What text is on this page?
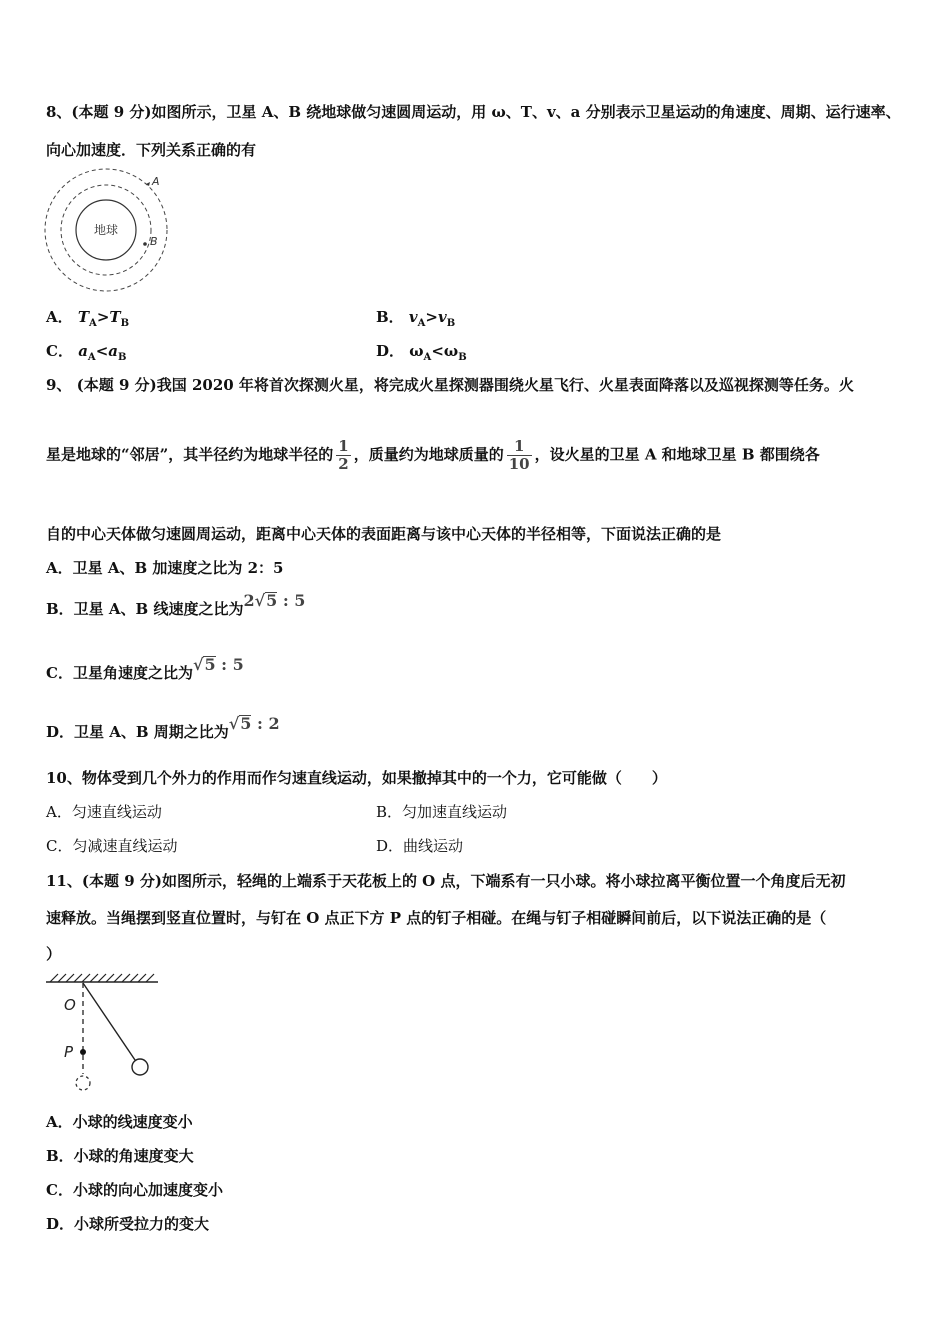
8、(本题 9 分)如图所示，卫星 A、B 绕地球做匀速圆周运动，用 ω、T、v、a 分别表示卫星运动的角速度、周期、运行速率、
向心加速度．下列关系正确的有
地球
A
B
A． $T_A>T_B$	B． $v_A>v_B$
C． $a_A<a_B$	D． $\omega_A<\omega_B$
9、 (本题 9 分)我国 2020 年将首次探测火星，将完成火星探测器围绕火星飞行、火星表面降落以及巡视探测等任务。火
星是地球的“邻居”，其半径约为地球半径的 $\frac{1}{2}$ ，质量约为地球质量的 $\frac{1}{10}$ ，设火星的卫星 A 和地球卫星 B 都围绕各
自的中心天体做匀速圆周运动，距离中心天体的表面距离与该中心天体的半径相等，下面说法正确的是
A．卫星 A、B 加速度之比为 2：5
B．卫星 A、B 线速度之比为2√5 : 5
C．卫星角速度之比为√5 : 5
D．卫星 A、B 周期之比为√5 : 2
10、物体受到几个外力的作用而作匀速直线运动，如果撤掉其中的一个力，它可能做（　　）
A．匀速直线运动	B．匀加速直线运动
C．匀减速直线运动	D．曲线运动
11、(本题 9 分)如图所示，轻绳的上端系于天花板上的 O 点，下端系有一只小球。将小球拉离平衡位置一个角度后无初
速释放。当绳摆到竖直位置时，与钉在 O 点正下方 P 点的钉子相碰。在绳与钉子相碰瞬间前后，以下说法正确的是（
）
O
P
A．小球的线速度变小
B．小球的角速度变大
C．小球的向心加速度变小
D．小球所受拉力的变大
